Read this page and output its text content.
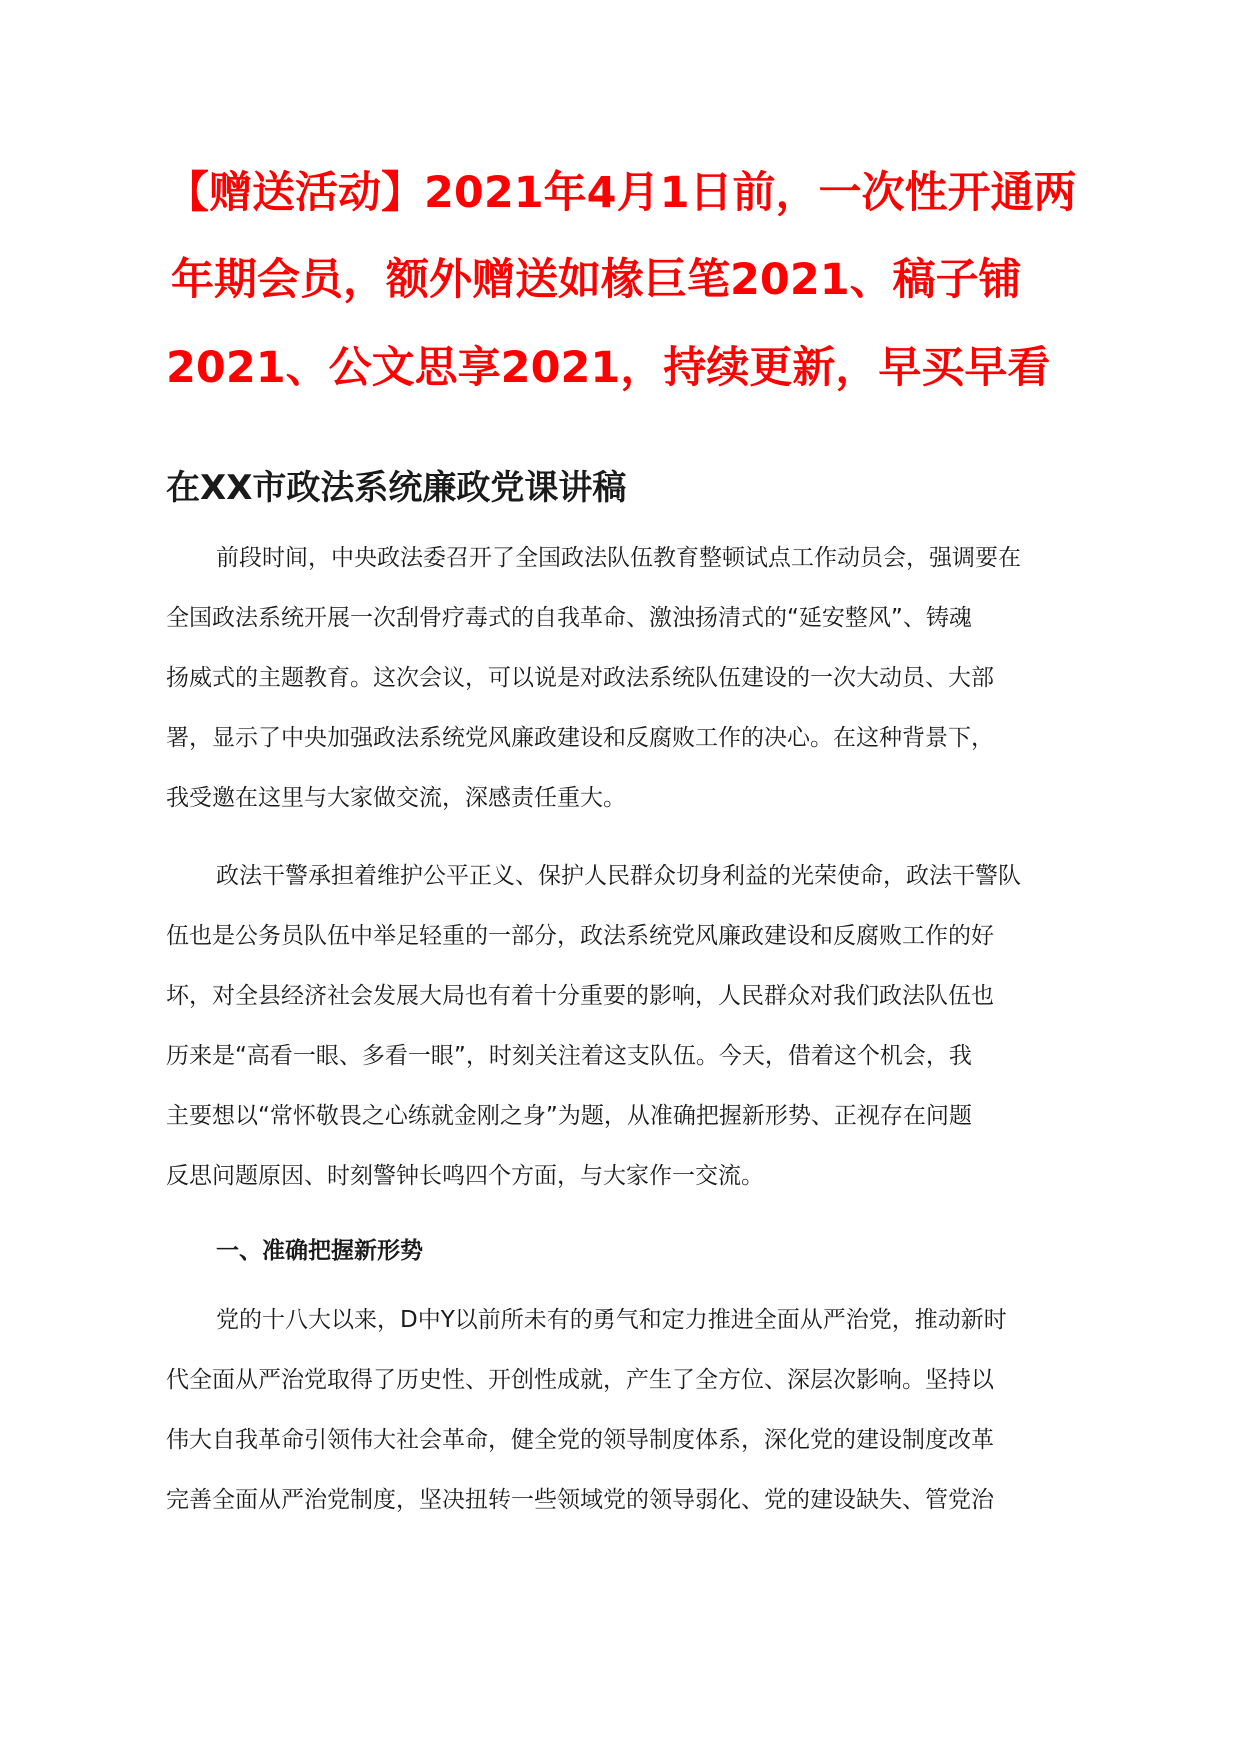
【赠送活动】2021年4月1日前，一次性开通两
年期会员，额外赠送如椽巨笔2021、稿子铺
2021、公文思享2021，持续更新，早买早看
在XX市政法系统廉政党课讲稿

前段时间，中央政法委召开了全国政法队伍教育整顿试点工作动员会，强调要在
全国政法系统开展一次刮骨疗毒式的自我革命、激浊扬清式的“延安整风”、铸魂
扬威式的主题教育。这次会议，可以说是对政法系统队伍建设的一次大动员、大部
署，显示了中央加强政法系统党风廉政建设和反腐败工作的决心。在这种背景下，
我受邀在这里与大家做交流，深感责任重大。

政法干警承担着维护公平正义、保护人民群众切身利益的光荣使命，政法干警队
伍也是公务员队伍中举足轻重的一部分，政法系统党风廉政建设和反腐败工作的好
坏，对全县经济社会发展大局也有着十分重要的影响，人民群众对我们政法队伍也
历来是“高看一眼、多看一眼”，时刻关注着这支队伍。今天，借着这个机会，我
主要想以“常怀敬畏之心练就金刚之身”为题，从准确把握新形势、正视存在问题
反思问题原因、时刻警钟长鸣四个方面，与大家作一交流。

一、准确把握新形势

党的十八大以来，D中Y以前所未有的勇气和定力推进全面从严治党，推动新时
代全面从严治党取得了历史性、开创性成就，产生了全方位、深层次影响。坚持以
伟大自我革命引领伟大社会革命，健全党的领导制度体系，深化党的建设制度改革
完善全面从严治党制度，坚决扭转一些领域党的领导弱化、党的建设缺失、管党治
